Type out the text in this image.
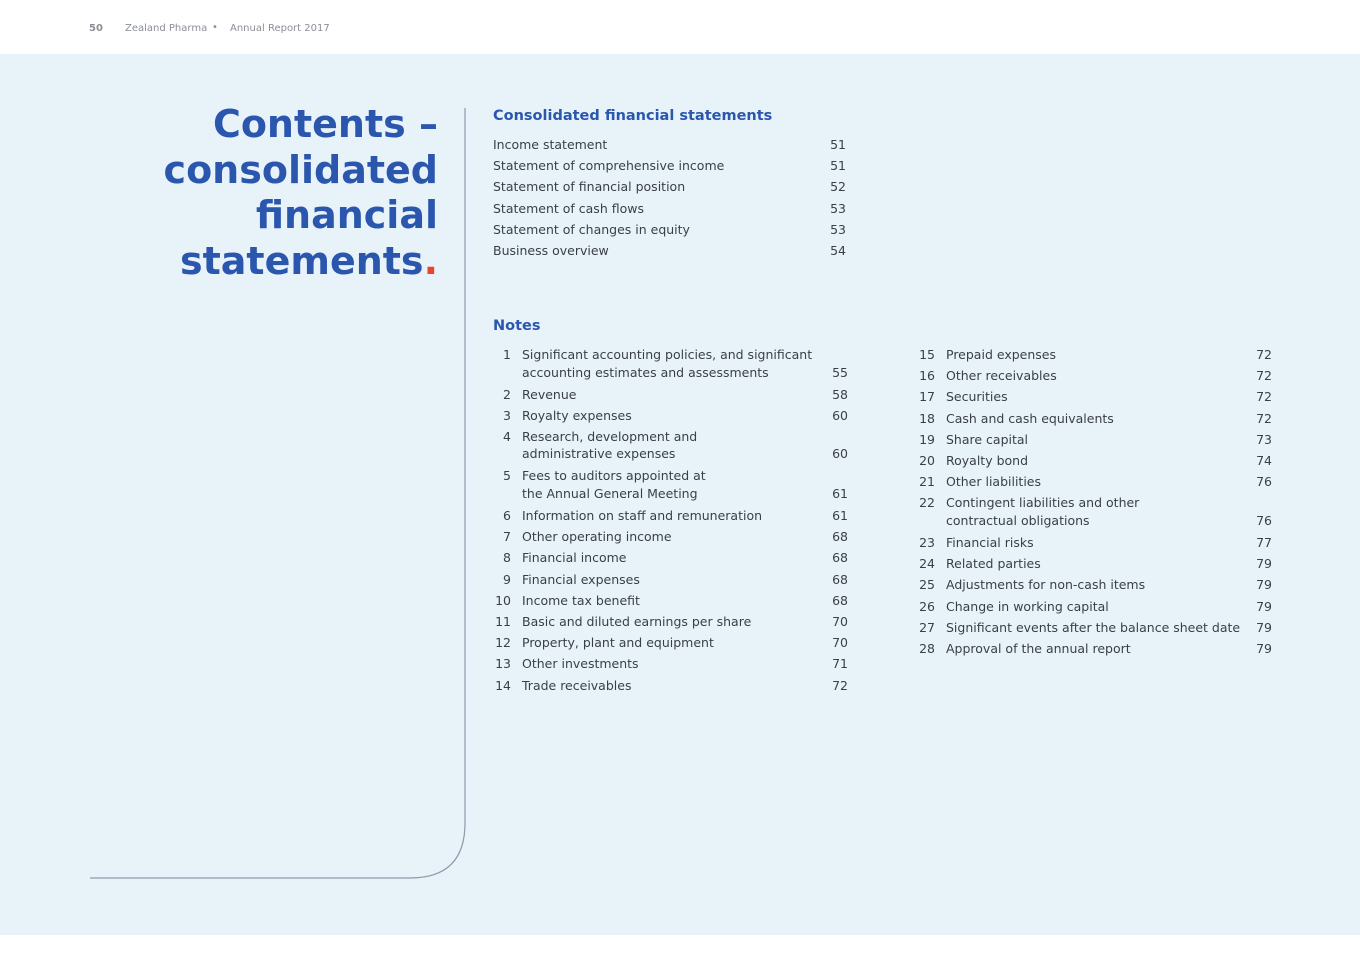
50 Zealand Pharma • Annual Report 2017
Contents –
consolidated
financial
statements.
Consolidated financial statements
Income statement	51
Statement of comprehensive income	51
Statement of financial position	52
Statement of cash flows	53
Statement of changes in equity	53
Business overview	54
Notes
1 Significant accounting policies, and significant
accounting estimates and assessments	55
2 Revenue	58
3 Royalty expenses	60
4 Research, development and
administrative expenses	60
5 Fees to auditors appointed at
the Annual General Meeting	61
6 Information on staff and remuneration	61
7 Other operating income	68
8 Financial income	68
9 Financial expenses	68
10 Income tax benefit	68
11 Basic and diluted earnings per share	70
12 Property, plant and equipment	70
13 Other investments	71
14 Trade receivables	72
15 Prepaid expenses	72
16 Other receivables	72
17 Securities	72
18 Cash and cash equivalents	72
19 Share capital	73
20 Royalty bond	74
21 Other liabilities	76
22 Contingent liabilities and other
contractual obligations	76
23 Financial risks	77
24 Related parties	79
25 Adjustments for non-cash items	79
26 Change in working capital	79
27 Significant events after the balance sheet date	79
28 Approval of the annual report	79
